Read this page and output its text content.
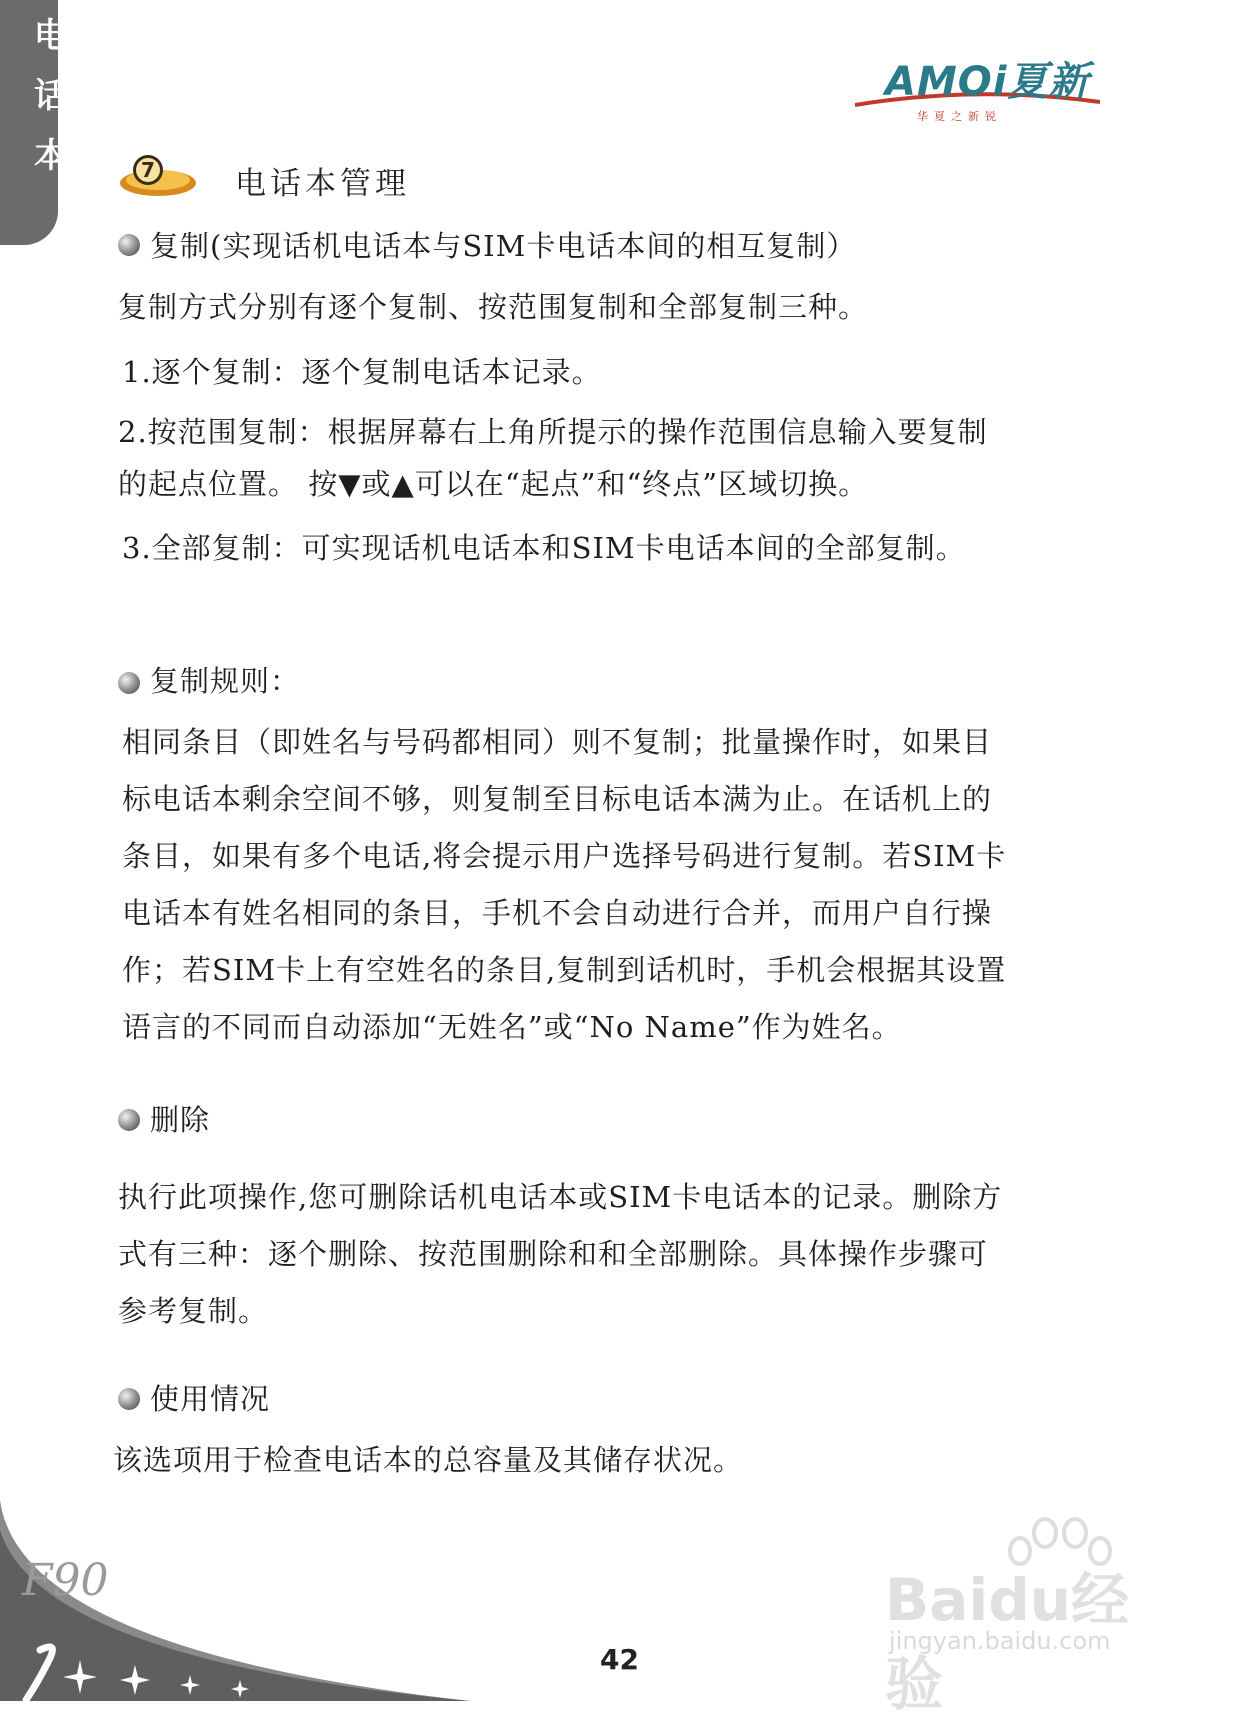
电
话
本
AMOi夏新
华夏之新锐
7	电话本管理
复制(实现话机电话本与SIM卡电话本间的相互复制）
复制方式分别有逐个复制、按范围复制和全部复制三种。
1.逐个复制：逐个复制电话本记录。
2.按范围复制：根据屏幕右上角所提示的操作范围信息输入要复制
的起点位置。 按▼或▲可以在“起点”和“终点”区域切换。
3.全部复制：可实现话机电话本和SIM卡电话本间的全部复制。
复制规则：
相同条目（即姓名与号码都相同）则不复制；批量操作时，如果目
标电话本剩余空间不够，则复制至目标电话本满为止。在话机上的
条目，如果有多个电话,将会提示用户选择号码进行复制。若SIM卡
电话本有姓名相同的条目，手机不会自动进行合并，而用户自行操
作；若SIM卡上有空姓名的条目,复制到话机时，手机会根据其设置
语言的不同而自动添加“无姓名”或“No Name”作为姓名。
删除
执行此项操作,您可删除话机电话本或SIM卡电话本的记录。删除方
式有三种：逐个删除、按范围删除和和全部删除。具体操作步骤可
参考复制。
使用情况
该选项用于检查电话本的总容量及其储存状况。
F90
42
Baidu经验
jingyan.baidu.com
